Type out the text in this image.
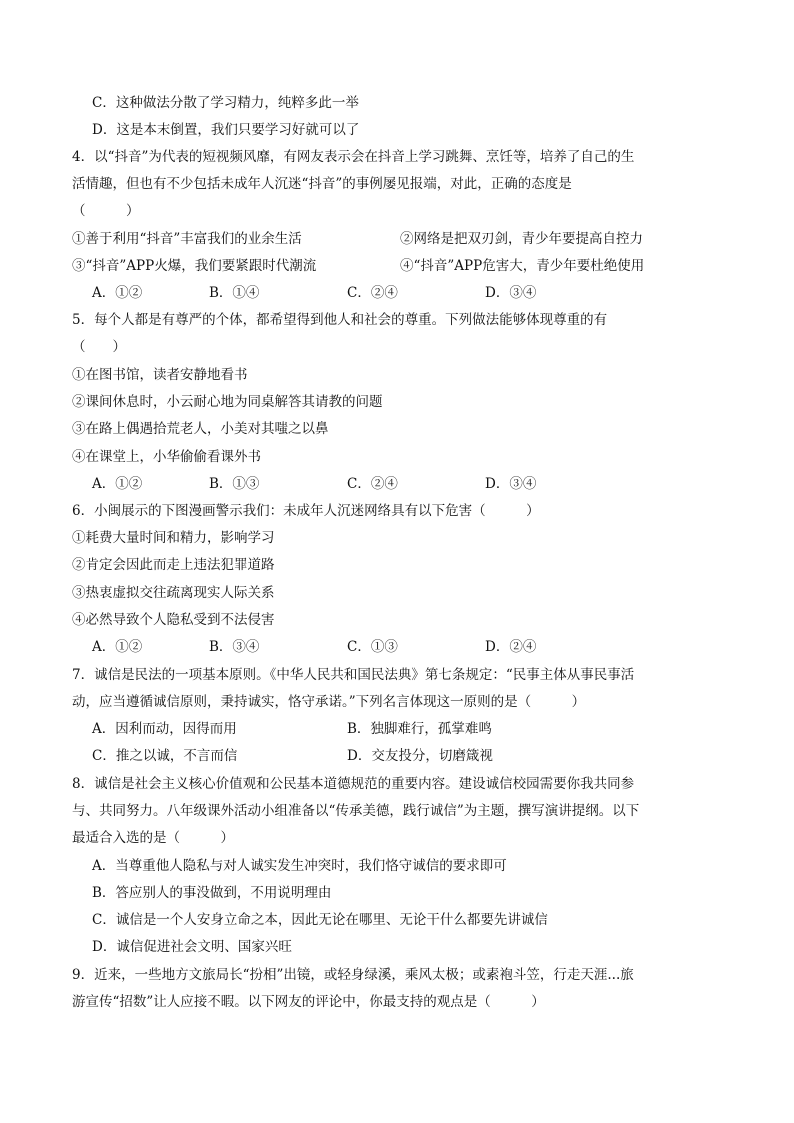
C．这种做法分散了学习精力，纯粹多此一举
D．这是本末倒置，我们只要学习好就可以了
4．以“抖音”为代表的短视频风靡，有网友表示会在抖音上学习跳舞、烹饪等，培养了自己的生
活情趣，但也有不少包括未成年人沉迷“抖音”的事例屡见报端，对此，正确的态度是
（　　　）
①善于利用“抖音”丰富我们的业余生活	②网络是把双刃剑，青少年要提高自控力
③“抖音”APP火爆，我们要紧跟时代潮流	④“抖音”APP危害大，青少年要杜绝使用
A．①②	B．①④	C．②④	D．③④
5．每个人都是有尊严的个体，都希望得到他人和社会的尊重。下列做法能够体现尊重的有
（　　）
①在图书馆，读者安静地看书
②课间休息时，小云耐心地为同桌解答其请教的问题
③在路上偶遇拾荒老人，小美对其嗤之以鼻
④在课堂上，小华偷偷看课外书
A．①②	B．①③	C．②④	D．③④
6．小闽展示的下图漫画警示我们：未成年人沉迷网络具有以下危害（　　　）
①耗费大量时间和精力，影响学习
②肯定会因此而走上违法犯罪道路
③热衷虚拟交往疏离现实人际关系
④必然导致个人隐私受到不法侵害
A．①②	B．③④	C．①③	D．②④
7．诚信是民法的一项基本原则。《中华人民共和国民法典》第七条规定：“民事主体从事民事活
动，应当遵循诚信原则，秉持诚实，恪守承诺。”下列名言体现这一原则的是（　　　）
A．因利而动，因得而用	B．独脚难行，孤掌难鸣
C．推之以诚，不言而信	D．交友投分，切磨箴视
8．诚信是社会主义核心价值观和公民基本道德规范的重要内容。建设诚信校园需要你我共同参
与、共同努力。八年级课外活动小组准备以“传承美德，践行诚信”为主题，撰写演讲提纲。以下
最适合入选的是（　　　）
A．当尊重他人隐私与对人诚实发生冲突时，我们恪守诚信的要求即可
B．答应别人的事没做到，不用说明理由
C．诚信是一个人安身立命之本，因此无论在哪里、无论干什么都要先讲诚信
D．诚信促进社会文明、国家兴旺
9．近来，一些地方文旅局长“扮相”出镜，或轻身绿溪，乘风太极；或素袍斗笠，行走天涯...旅
游宣传“招数”让人应接不暇。以下网友的评论中，你最支持的观点是（　　　）
